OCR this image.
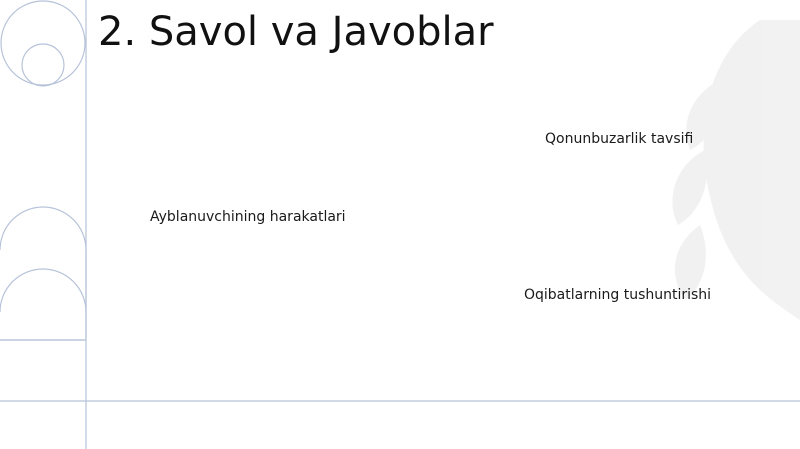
2. Savol va Javoblar
Qonunbuzarlik tavsifi
Ayblanuvchining harakatlari
Oqibatlarning tushuntirishi
